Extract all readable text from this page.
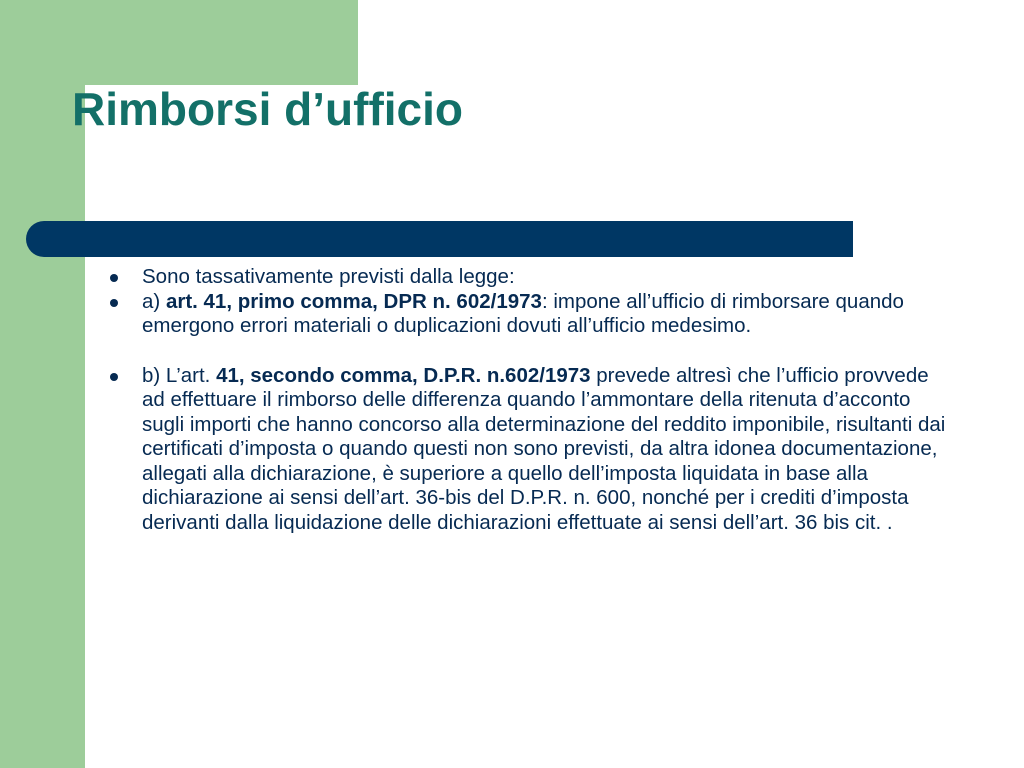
Rimborsi d’ufficio
Sono tassativamente previsti dalla legge:
a) art. 41, primo comma, DPR n. 602/1973: impone all’ufficio di rimborsare quando emergono errori materiali o duplicazioni dovuti all’ufficio medesimo.
b) L’art. 41, secondo comma, D.P.R. n.602/1973 prevede altresì che l’ufficio provvede ad effettuare il rimborso delle differenza quando l’ammontare della ritenuta d’acconto sugli importi che hanno concorso alla determinazione del reddito imponibile, risultanti dai certificati d’imposta o quando questi non sono previsti, da altra idonea documentazione, allegati alla dichiarazione, è superiore a quello dell’imposta liquidata in base alla dichiarazione ai sensi dell’art. 36-bis del D.P.R. n. 600, nonché per i crediti d’imposta derivanti dalla liquidazione delle dichiarazioni effettuate ai sensi dell’art. 36 bis cit. .
